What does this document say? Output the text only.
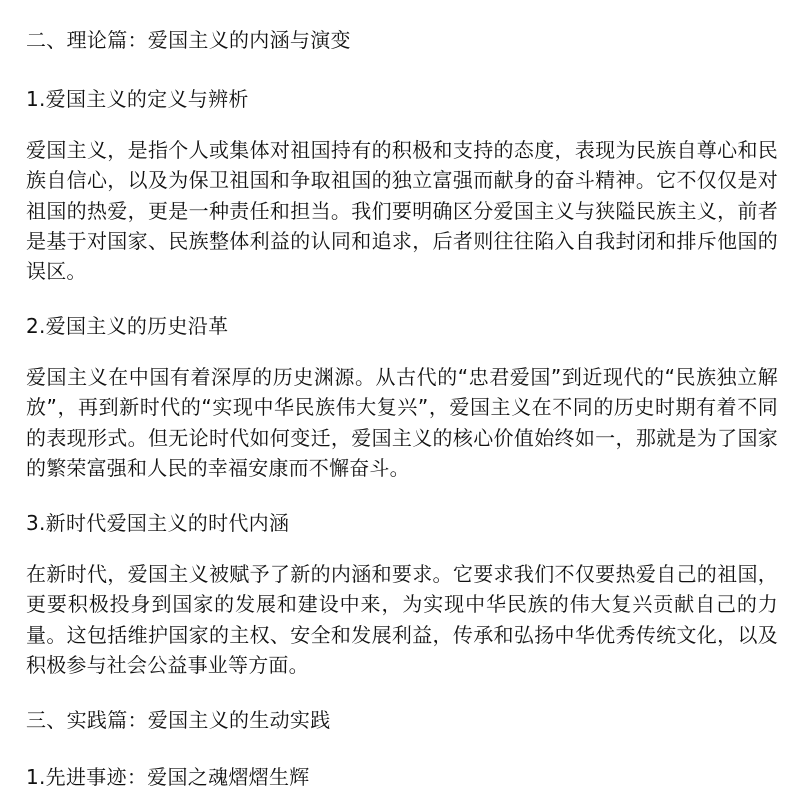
二、理论篇：爱国主义的内涵与演变
1.爱国主义的定义与辨析
爱国主义，是指个人或集体对祖国持有的积极和支持的态度，表现为民族自尊心和民族自信心，以及为保卫祖国和争取祖国的独立富强而献身的奋斗精神。它不仅仅是对祖国的热爱，更是一种责任和担当。我们要明确区分爱国主义与狭隘民族主义，前者是基于对国家、民族整体利益的认同和追求，后者则往往陷入自我封闭和排斥他国的误区。
2.爱国主义的历史沿革
爱国主义在中国有着深厚的历史渊源。从古代的“忠君爱国”到近现代的“民族独立解放”，再到新时代的“实现中华民族伟大复兴”，爱国主义在不同的历史时期有着不同的表现形式。但无论时代如何变迁，爱国主义的核心价值始终如一，那就是为了国家的繁荣富强和人民的幸福安康而不懈奋斗。
3.新时代爱国主义的时代内涵
在新时代，爱国主义被赋予了新的内涵和要求。它要求我们不仅要热爱自己的祖国，更要积极投身到国家的发展和建设中来，为实现中华民族的伟大复兴贡献自己的力量。这包括维护国家的主权、安全和发展利益，传承和弘扬中华优秀传统文化，以及积极参与社会公益事业等方面。
三、实践篇：爱国主义的生动实践
1.先进事迹：爱国之魂熠熠生辉
